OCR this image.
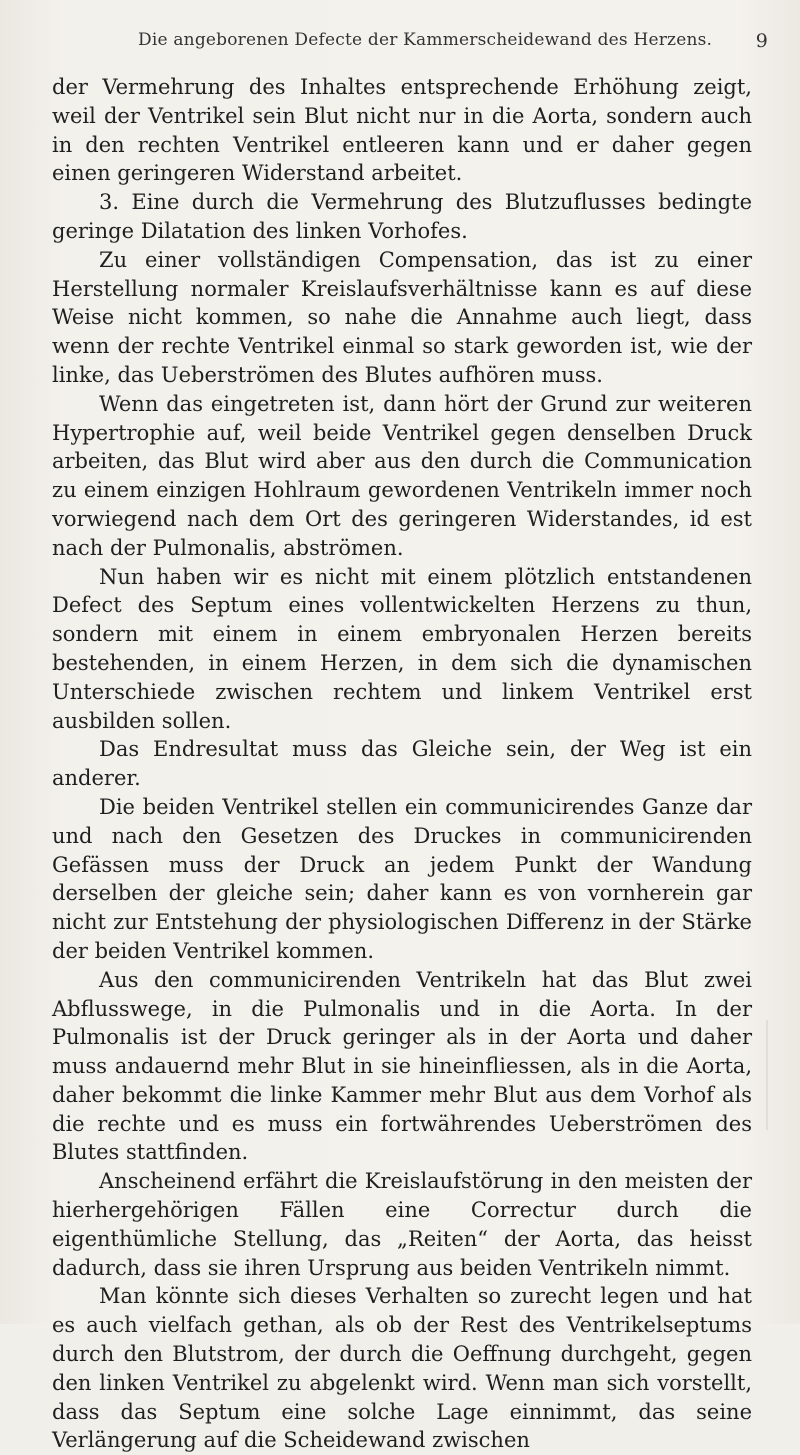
Die angeborenen Defecte der Kammerscheidewand des Herzens. 9

der Vermehrung des Inhaltes entsprechende Erhöhung zeigt, weil der Ventrikel sein Blut nicht nur in die Aorta, sondern auch in den rechten Ventrikel entleeren kann und er daher gegen einen geringeren Widerstand arbeitet.

3. Eine durch die Vermehrung des Blutzuflusses bedingte geringe Dilatation des linken Vorhofes.

Zu einer vollständigen Compensation, das ist zu einer Herstellung normaler Kreislaufsverhältnisse kann es auf diese Weise nicht kommen, so nahe die Annahme auch liegt, dass wenn der rechte Ventrikel einmal so stark geworden ist, wie der linke, das Ueberströmen des Blutes aufhören muss.

Wenn das eingetreten ist, dann hört der Grund zur weiteren Hypertrophie auf, weil beide Ventrikel gegen denselben Druck arbeiten, das Blut wird aber aus den durch die Communication zu einem einzigen Hohlraum gewordenen Ventrikeln immer noch vorwiegend nach dem Ort des geringeren Widerstandes, id est nach der Pulmonalis, abströmen.

Nun haben wir es nicht mit einem plötzlich entstandenen Defect des Septum eines vollentwickelten Herzens zu thun, sondern mit einem in einem embryonalen Herzen bereits bestehenden, in einem Herzen, in dem sich die dynamischen Unterschiede zwischen rechtem und linkem Ventrikel erst ausbilden sollen.

Das Endresultat muss das Gleiche sein, der Weg ist ein anderer.

Die beiden Ventrikel stellen ein communicirendes Ganze dar und nach den Gesetzen des Druckes in communicirenden Gefässen muss der Druck an jedem Punkt der Wandung derselben der gleiche sein; daher kann es von vornherein gar nicht zur Entstehung der physiologischen Differenz in der Stärke der beiden Ventrikel kommen.

Aus den communicirenden Ventrikeln hat das Blut zwei Abflusswege, in die Pulmonalis und in die Aorta. In der Pulmonalis ist der Druck geringer als in der Aorta und daher muss andauernd mehr Blut in sie hineinfliessen, als in die Aorta, daher bekommt die linke Kammer mehr Blut aus dem Vorhof als die rechte und es muss ein fortwährendes Ueberströmen des Blutes stattfinden.

Anscheinend erfährt die Kreislaufstörung in den meisten der hierhergehörigen Fällen eine Correctur durch die eigenthümliche Stellung, das „Reiten“ der Aorta, das heisst dadurch, dass sie ihren Ursprung aus beiden Ventrikeln nimmt.

Man könnte sich dieses Verhalten so zurecht legen und hat es auch vielfach gethan, als ob der Rest des Ventrikelseptums durch den Blutstrom, der durch die Oeffnung durchgeht, gegen den linken Ventrikel zu abgelenkt wird. Wenn man sich vorstellt, dass das Septum eine solche Lage einnimmt, das seine Verlängerung auf die Scheidewand zwischen
